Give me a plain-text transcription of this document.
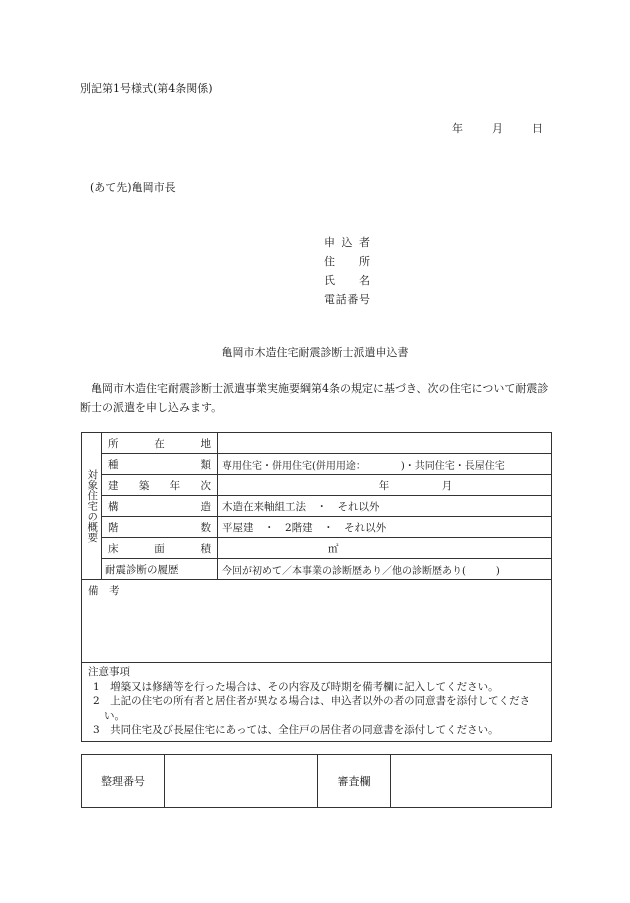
別記第1号様式(第4条関係)
年	月	日
(あて先)亀岡市長
申込者
住所
氏名
電話番号
亀岡市木造住宅耐震診断士派遣申込書
亀岡市木造住宅耐震診断士派遣事業実施要綱第4条の規定に基づき、次の住宅について耐震診断士の派遣を申し込みます。
対象住宅の概要	所在地	
	種類	専用住宅・併用住宅(併用用途：　　　　)・共同住宅・長屋住宅
	建築年次	年　　　　　月
	構造	木造在来軸組工法　・　それ以外
	階数	平屋建　・　2階建　・　それ以外
	床面積	㎡
	耐震診断の履歴	今回が初めて／本事業の診断歴あり／他の診断歴あり(　　　)
備　考		

注意事項
1　増築又は修繕等を行った場合は、その内容及び時期を備考欄に記入してください。
2　上記の住宅の所有者と居住者が異なる場合は、申込者以外の者の同意書を添付してください。
3　共同住宅及び長屋住宅にあっては、全住戸の居住者の同意書を添付してください。		
整理番号		審査欄	
